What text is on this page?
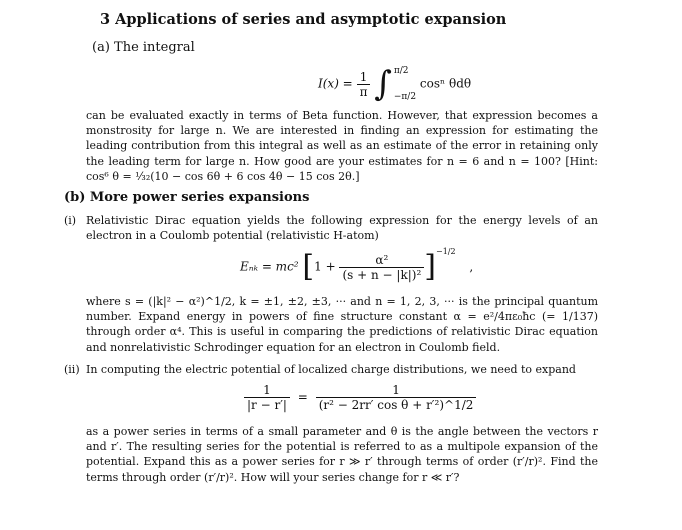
3 Applications of series and asymptotic expansion
(a) The integral
$I(x) = \frac{1}{\pi}$ ∫ π/2
−π/2
cosⁿ θdθ
can be evaluated exactly in terms of Beta function. However, that expression becomes a monstrosity for large n. We are interested in finding an expression for estimating the leading contribution from this integral as well as an estimate of the error in retaining only the leading term for large n. How good are your estimates for n = 6 and n = 100? [Hint: cos⁶ θ = ¹⁄₃₂(10 − cos 6θ + 6 cos 4θ − 15 cos 2θ.]
(b) More power series expansions
(i) Relativistic Dirac equation yields the following expression for the energy levels of an electron in a Coulomb potential (relativistic H-atom)
Eₙₖ = mc² $[1 + \frac{\text{α²}}{\text{(s + n − |k|)²}} ]^{-1/2}$ ,
where s = (|k|² − α²)^1/2, k = ±1, ±2, ±3, ··· and n = 1, 2, 3, ··· is the principal quantum number. Expand energy in powers of fine structure constant α = e²/4πε₀ħc (= 1/137) through order α⁴. This is useful in comparing the predictions of relativistic Dirac equation and nonrelativistic Schrodinger equation for an electron in Coulomb field.
(ii) In computing the electric potential of localized charge distributions, we need to expand
$\frac{1}{|r - r'|} = \frac{1}{\text{(r² − 2rr′ cos θ + r′²)\textasciicircum{}1/2}}$
as a power series in terms of a small parameter and θ is the angle between the vectors r and r′. The resulting series for the potential is referred to as a multipole expansion of the potential. Expand this as a power series for r ≫ r′ through terms of order (r′/r)². Find the terms through order (r′/r)². How will your series change for r ≪ r′?
